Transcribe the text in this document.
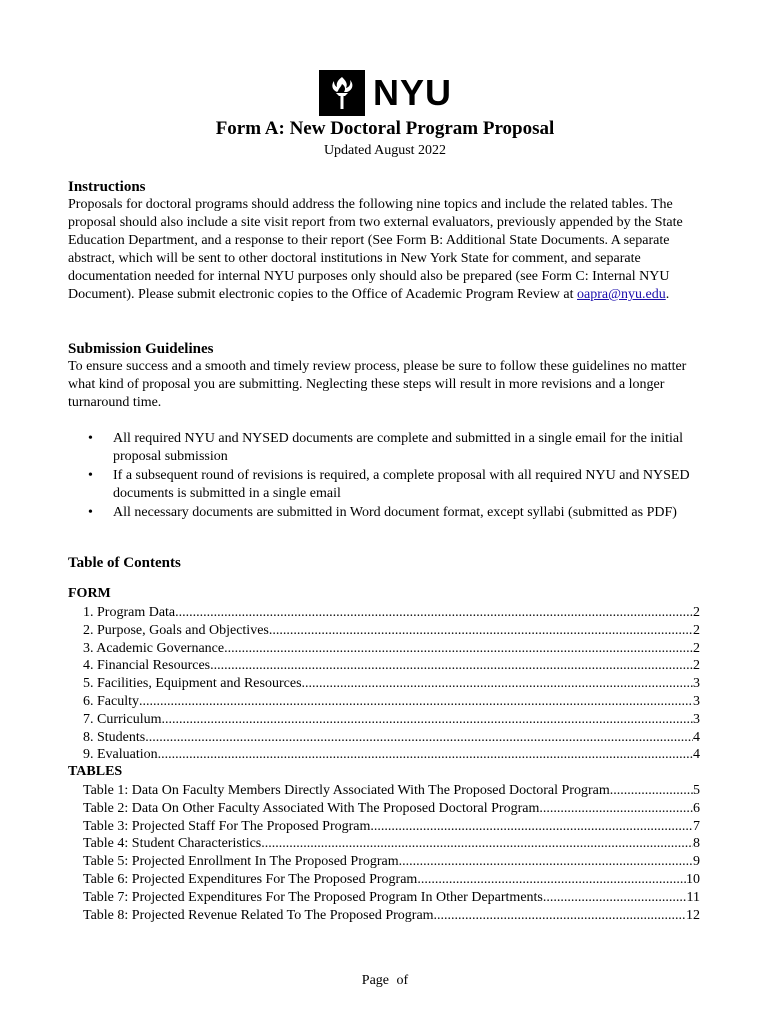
NYU
Form A: New Doctoral Program Proposal
Updated August 2022
Instructions
Proposals for doctoral programs should address the following nine topics and include the related tables. The proposal should also include a site visit report from two external evaluators, previously appended by the State Education Department, and a response to their report (See Form B: Additional State Documents. A separate abstract, which will be sent to other doctoral institutions in New York State for comment, and separate documentation needed for internal NYU purposes only should also be prepared (see Form C: Internal NYU Document). Please submit electronic copies to the Office of Academic Program Review at oapra@nyu.edu.
Submission Guidelines
To ensure success and a smooth and timely review process, please be sure to follow these guidelines no matter what kind of proposal you are submitting. Neglecting these steps will result in more revisions and a longer turnaround time.
• All required NYU and NYSED documents are complete and submitted in a single email for the initial proposal submission
• If a subsequent round of revisions is required, a complete proposal with all required NYU and NYSED documents is submitted in a single email
• All necessary documents are submitted in Word document format, except syllabi (submitted as PDF)
Table of Contents
FORM
1. Program Data .....	2
2. Purpose, Goals and Objectives .....	2
3. Academic Governance .....	2
4. Financial Resources .....	2
5. Facilities, Equipment and Resources .....	3
6. Faculty .....	3
7. Curriculum .....	3
8. Students .....	4
9. Evaluation .....	4
TABLES
Table 1: Data On Faculty Members Directly Associated With The Proposed Doctoral Program .....	5
Table 2: Data On Other Faculty Associated With The Proposed Doctoral Program. .....	6
Table 3: Projected Staff For The Proposed Program .....	7
Table 4: Student Characteristics .....	8
Table 5: Projected Enrollment In The Proposed Program .....	9
Table 6: Projected Expenditures For The Proposed Program .....	10
Table 7: Projected Expenditures For The Proposed Program In Other Departments .....	11
Table 8: Projected Revenue Related To The Proposed Program .....	12
Page of
